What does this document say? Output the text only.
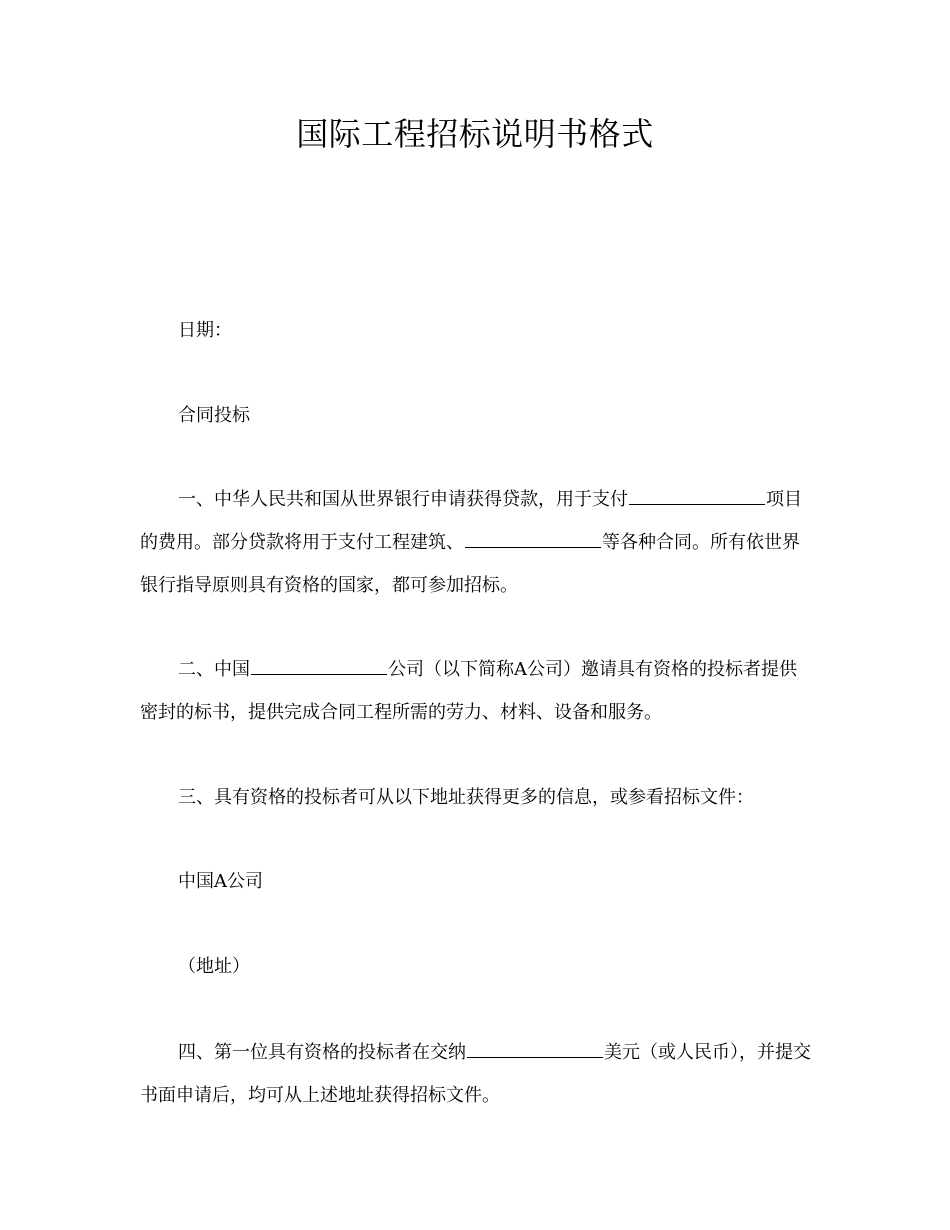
国际工程招标说明书格式
日期：
合同投标
一、中华人民共和国从世界银行申请获得贷款，用于支付	项目的费用。部分贷款将用于支付工程建筑、	等各种合同。所有依世界银行指导原则具有资格的国家，都可参加招标。
二、中国	公司（以下简称A公司）邀请具有资格的投标者提供密封的标书，提供完成合同工程所需的劳力、材料、设备和服务。
三、具有资格的投标者可从以下地址获得更多的信息，或参看招标文件：
中国A公司
（地址）
四、第一位具有资格的投标者在交纳	美元（或人民币），并提交书面申请后，均可从上述地址获得招标文件。
